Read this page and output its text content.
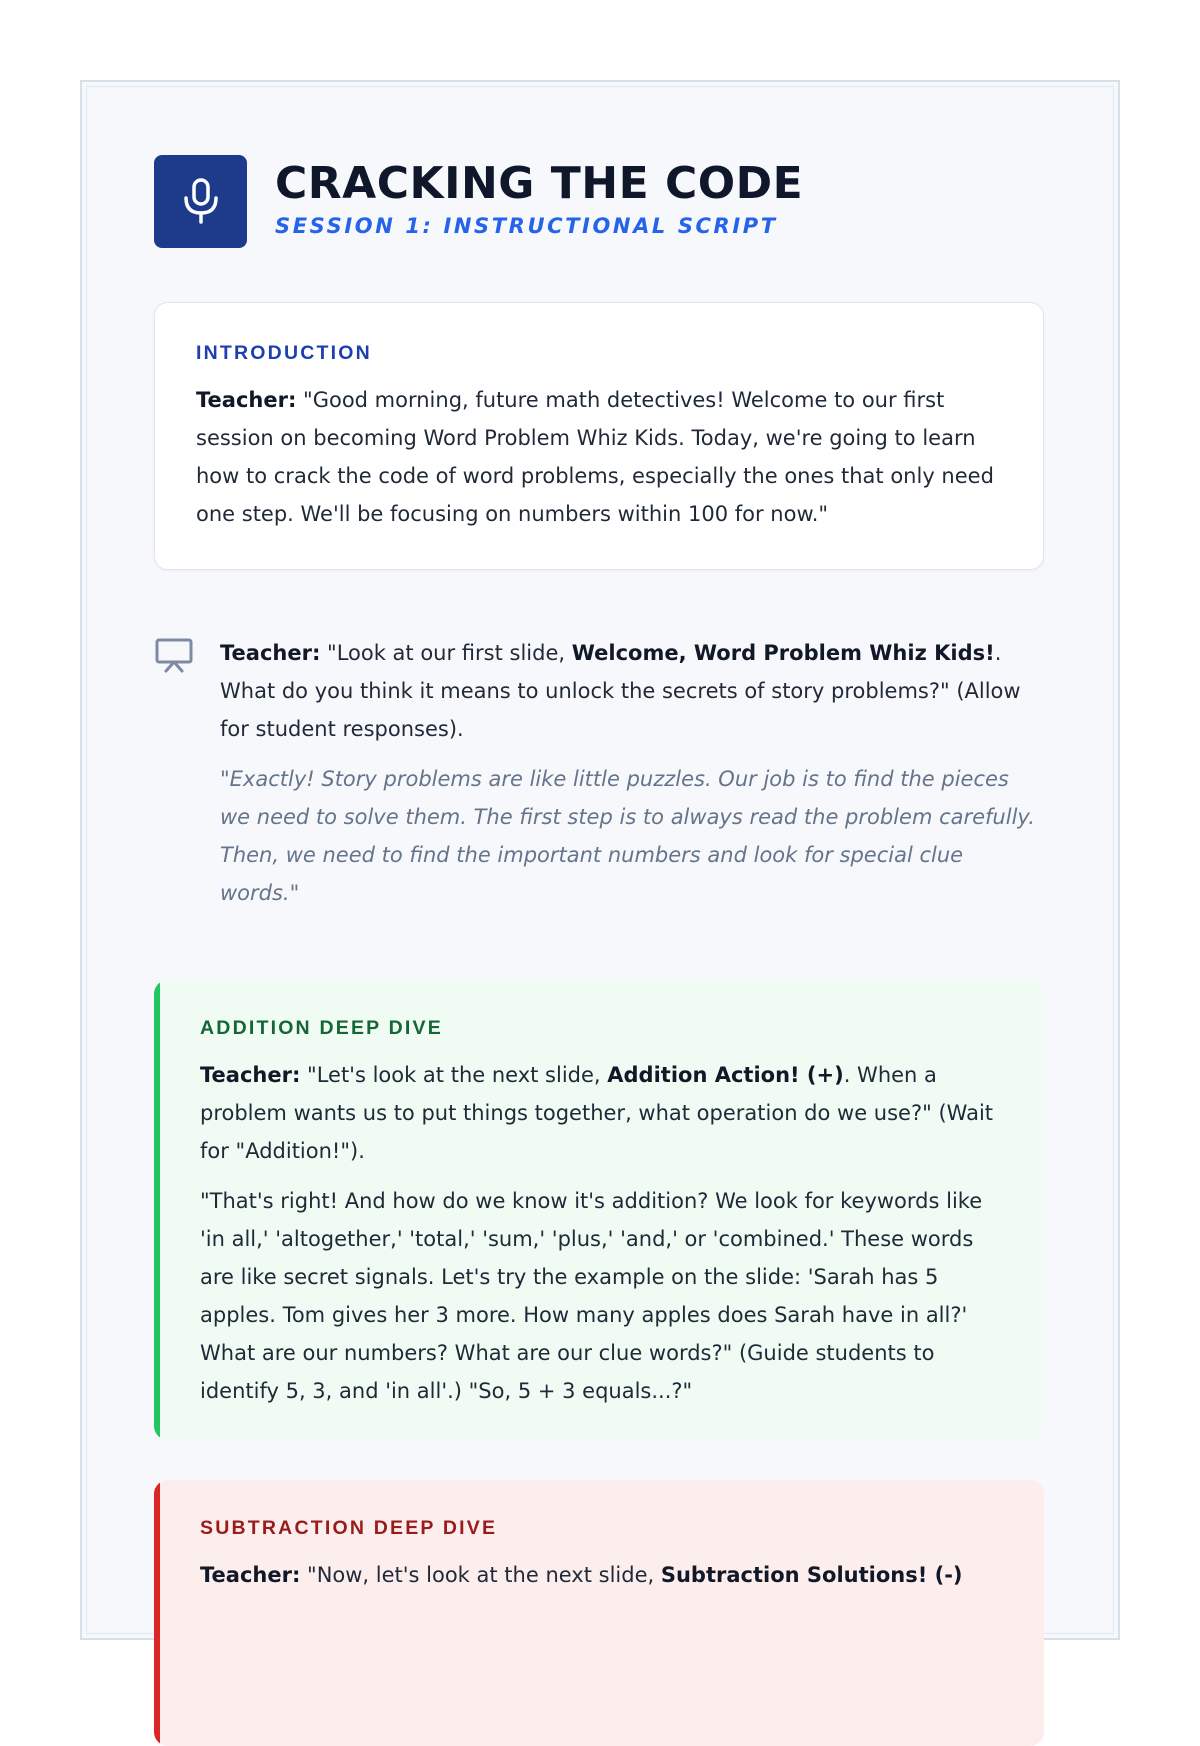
CRACKING THE CODE
SESSION 1: INSTRUCTIONAL SCRIPT
INTRODUCTION
Teacher: "Good morning, future math detectives! Welcome to our first session on becoming Word Problem Whiz Kids. Today, we're going to learn how to crack the code of word problems, especially the ones that only need one step. We'll be focusing on numbers within 100 for now."
Teacher: "Look at our first slide, Welcome, Word Problem Whiz Kids!. What do you think it means to unlock the secrets of story problems?" (Allow for student responses).
"Exactly! Story problems are like little puzzles. Our job is to find the pieces we need to solve them. The first step is to always read the problem carefully. Then, we need to find the important numbers and look for special clue words."
ADDITION DEEP DIVE
Teacher: "Let's look at the next slide, Addition Action! (+). When a problem wants us to put things together, what operation do we use?" (Wait for "Addition!").
"That's right! And how do we know it's addition? We look for keywords like 'in all,' 'altogether,' 'total,' 'sum,' 'plus,' 'and,' or 'combined.' These words are like secret signals. Let's try the example on the slide: 'Sarah has 5 apples. Tom gives her 3 more. How many apples does Sarah have in all?' What are our numbers? What are our clue words?" (Guide students to identify 5, 3, and 'in all'.) "So, 5 + 3 equals...?"
SUBTRACTION DEEP DIVE
Teacher: "Now, let's look at the next slide, Subtraction Solutions! (-)
